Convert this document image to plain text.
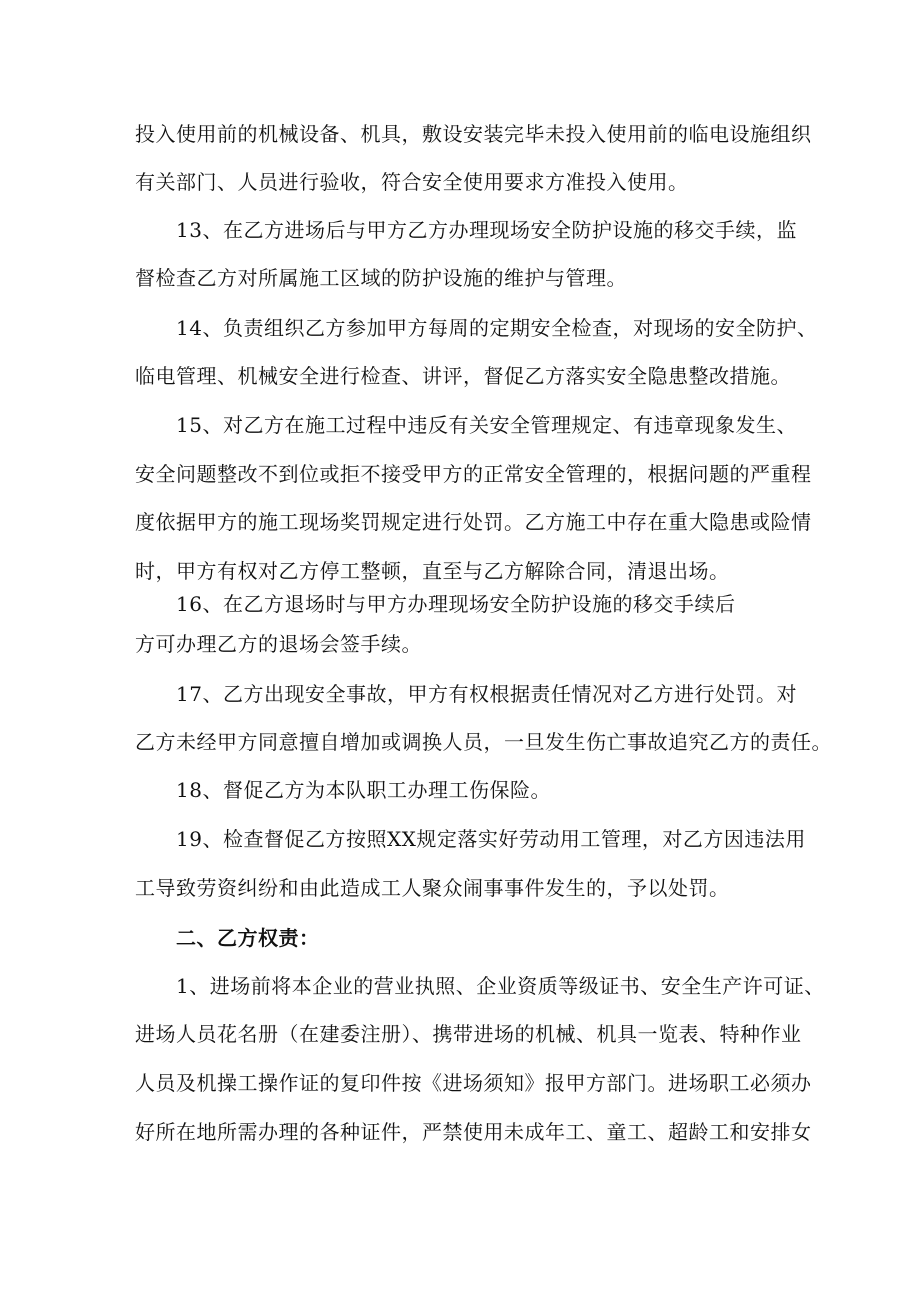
投入使用前的机械设备、机具，敷设安装完毕未投入使用前的临电设施组织
有关部门、人员进行验收，符合安全使用要求方准投入使用。
13、在乙方进场后与甲方乙方办理现场安全防护设施的移交手续，监
督检查乙方对所属施工区域的防护设施的维护与管理。
14、负责组织乙方参加甲方每周的定期安全检查，对现场的安全防护、
临电管理、机械安全进行检查、讲评，督促乙方落实安全隐患整改措施。
15、对乙方在施工过程中违反有关安全管理规定、有违章现象发生、
安全问题整改不到位或拒不接受甲方的正常安全管理的，根据问题的严重程
度依据甲方的施工现场奖罚规定进行处罚。乙方施工中存在重大隐患或险情
时，甲方有权对乙方停工整顿，直至与乙方解除合同，清退出场。
16、在乙方退场时与甲方办理现场安全防护设施的移交手续后
方可办理乙方的退场会签手续。
17、乙方出现安全事故，甲方有权根据责任情况对乙方进行处罚。对
乙方未经甲方同意擅自增加或调换人员，一旦发生伤亡事故追究乙方的责任。
18、督促乙方为本队职工办理工伤保险。
19、检查督促乙方按照XX规定落实好劳动用工管理，对乙方因违法用
工导致劳资纠纷和由此造成工人聚众闹事事件发生的，予以处罚。
二、乙方权责：
1、进场前将本企业的营业执照、企业资质等级证书、安全生产许可证、
进场人员花名册（在建委注册）、携带进场的机械、机具一览表、特种作业
人员及机操工操作证的复印件按《进场须知》报甲方部门。进场职工必须办
好所在地所需办理的各种证件，严禁使用未成年工、童工、超龄工和安排女
